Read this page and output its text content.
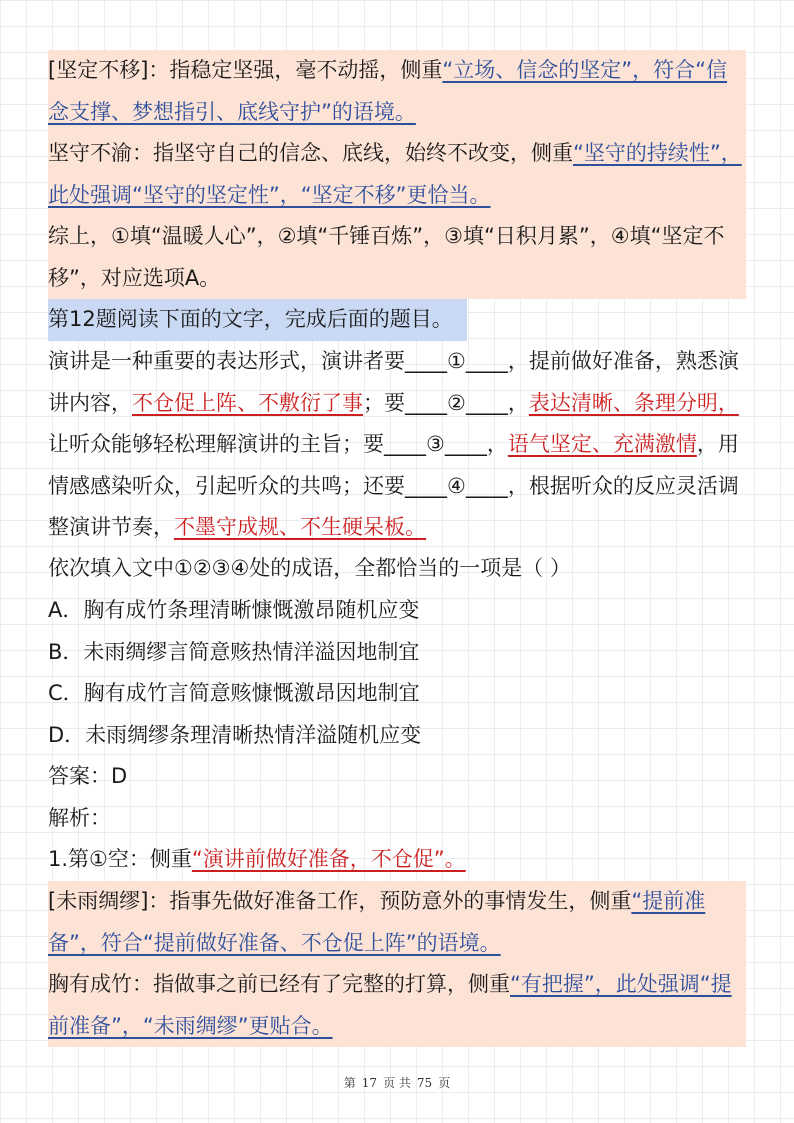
[坚定不移]：指稳定坚强，毫不动摇，侧重“立场、信念的坚定”，符合“信念支撑、梦想指引、底线守护”的语境。

坚守不渝：指坚守自己的信念、底线，始终不改变，侧重“坚守的持续性”，此处强调“坚守的坚定性”，“坚定不移”更恰当。

综上，①填“温暖人心”，②填“千锤百炼”，③填“日积月累”，④填“坚定不移”，对应选项A。

第12题阅读下面的文字，完成后面的题目。

演讲是一种重要的表达形式，演讲者要____①____，提前做好准备，熟悉演讲内容，不仓促上阵、不敷衍了事；要____②____，表达清晰、条理分明，让听众能够轻松理解演讲的主旨；要____③____，语气坚定、充满激情，用情感感染听众，引起听众的共鸣；还要____④____，根据听众的反应灵活调整演讲节奏，不墨守成规、不生硬呆板。

依次填入文中①②③④处的成语，全都恰当的一项是（ ）
A．胸有成竹条理清晰慷慨激昂随机应变
B．未雨绸缪言简意赅热情洋溢因地制宜
C．胸有成竹言简意赅慷慨激昂因地制宜
D．未雨绸缪条理清晰热情洋溢随机应变
答案：D
解析：
1.第①空：侧重“演讲前做好准备，不仓促”。

[未雨绸缪]：指事先做好准备工作，预防意外的事情发生，侧重“提前准备”，符合“提前做好准备、不仓促上阵”的语境。

胸有成竹：指做事之前已经有了完整的打算，侧重“有把握”，此处强调“提前准备”，“未雨绸缪”更贴合。

第 17 页 共 75 页
